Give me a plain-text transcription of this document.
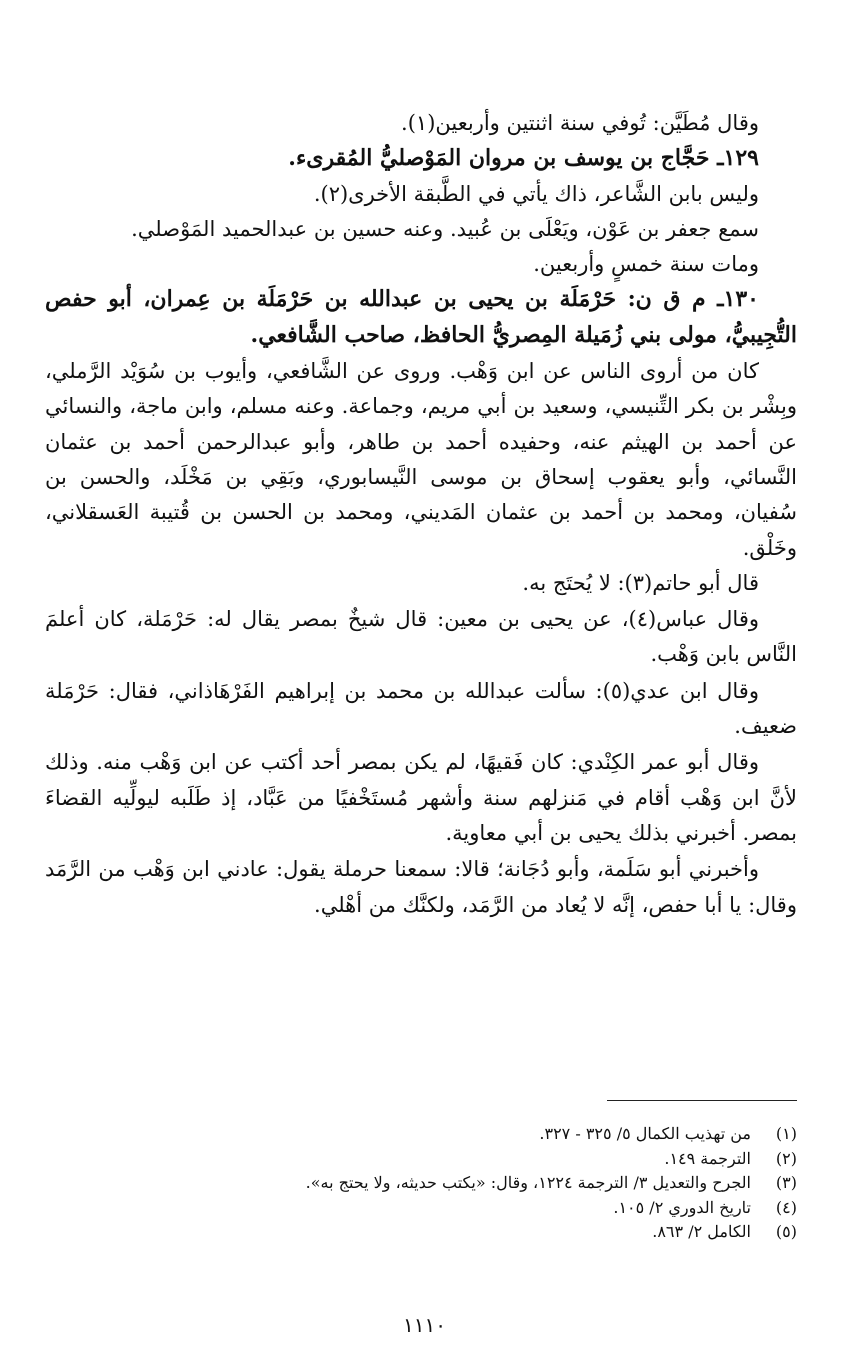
وقال مُطَيَّن: تُوفي سنة اثنتين وأربعين(١).

١٢٩ـ حَجَّاج بن يوسف بن مروان المَوْصليُّ المُقرىء.

وليس بابن الشَّاعر، ذاك يأتي في الطَّبقة الأخرى(٢).

سمع جعفر بن عَوْن، ويَعْلَى بن عُبيد. وعنه حسين بن عبدالحميد المَوْصلي.

ومات سنة خمسٍ وأربعين.

١٣٠ـ م ق ن: حَرْمَلَة بن يحيى بن عبدالله بن حَرْمَلَة بن عِمران، أبو حفص التُّجِيبيُّ، مولى بني زُمَيلة المِصريُّ الحافظ، صاحب الشَّافعي.

كان من أروى الناس عن ابن وَهْب. وروى عن الشَّافعي، وأيوب بن سُوَيْد الرَّملي، وبِشْر بن بكر التِّنيسي، وسعيد بن أبي مريم، وجماعة. وعنه مسلم، وابن ماجة، والنسائي عن أحمد بن الهيثم عنه، وحفيده أحمد بن طاهر، وأبو عبدالرحمن أحمد بن عثمان النَّسائي، وأبو يعقوب إسحاق بن موسى النَّيسابوري، وبَقِي بن مَخْلَد، والحسن بن سُفيان، ومحمد بن أحمد بن عثمان المَديني، ومحمد بن الحسن بن قُتيبة العَسقلاني، وخَلْق.

قال أبو حاتم(٣): لا يُحتَج به.

وقال عباس(٤)، عن يحيى بن معين: قال شيخٌ بمصر يقال له: حَرْمَلة، كان أعلمَ النَّاس بابن وَهْب.

وقال ابن عدي(٥): سألت عبدالله بن محمد بن إبراهيم الفَرْهَاذاني، فقال: حَرْمَلة ضعيف.

وقال أبو عمر الكِنْدي: كان فَقيهًا، لم يكن بمصر أحد أكتب عن ابن وَهْب منه. وذلك لأنَّ ابن وَهْب أقام في مَنزلهم سنة وأشهر مُستَخْفيًا من عَبَّاد، إذ طَلَبه ليولِّيه القضاءَ بمصر. أخبرني بذلك يحيى بن أبي معاوية.

وأخبرني أبو سَلَمة، وأبو دُجَانة؛ قالا: سمعنا حرملة يقول: عادني ابن وَهْب من الرَّمَد وقال: يا أبا حفص، إنَّه لا يُعاد من الرَّمَد، ولكنَّك من أهْلي.

(١)من تهذيب الكمال ٥/ ٣٢٥ - ٣٢٧.

(٢)الترجمة ١٤٩.

(٣)الجرح والتعديل ٣/ الترجمة ١٢٢٤، وقال: «يكتب حديثه، ولا يحتج به».

(٤)تاريخ الدوري ٢/ ١٠٥.

(٥)الكامل ٢/ ٨٦٣.

١١١٠
